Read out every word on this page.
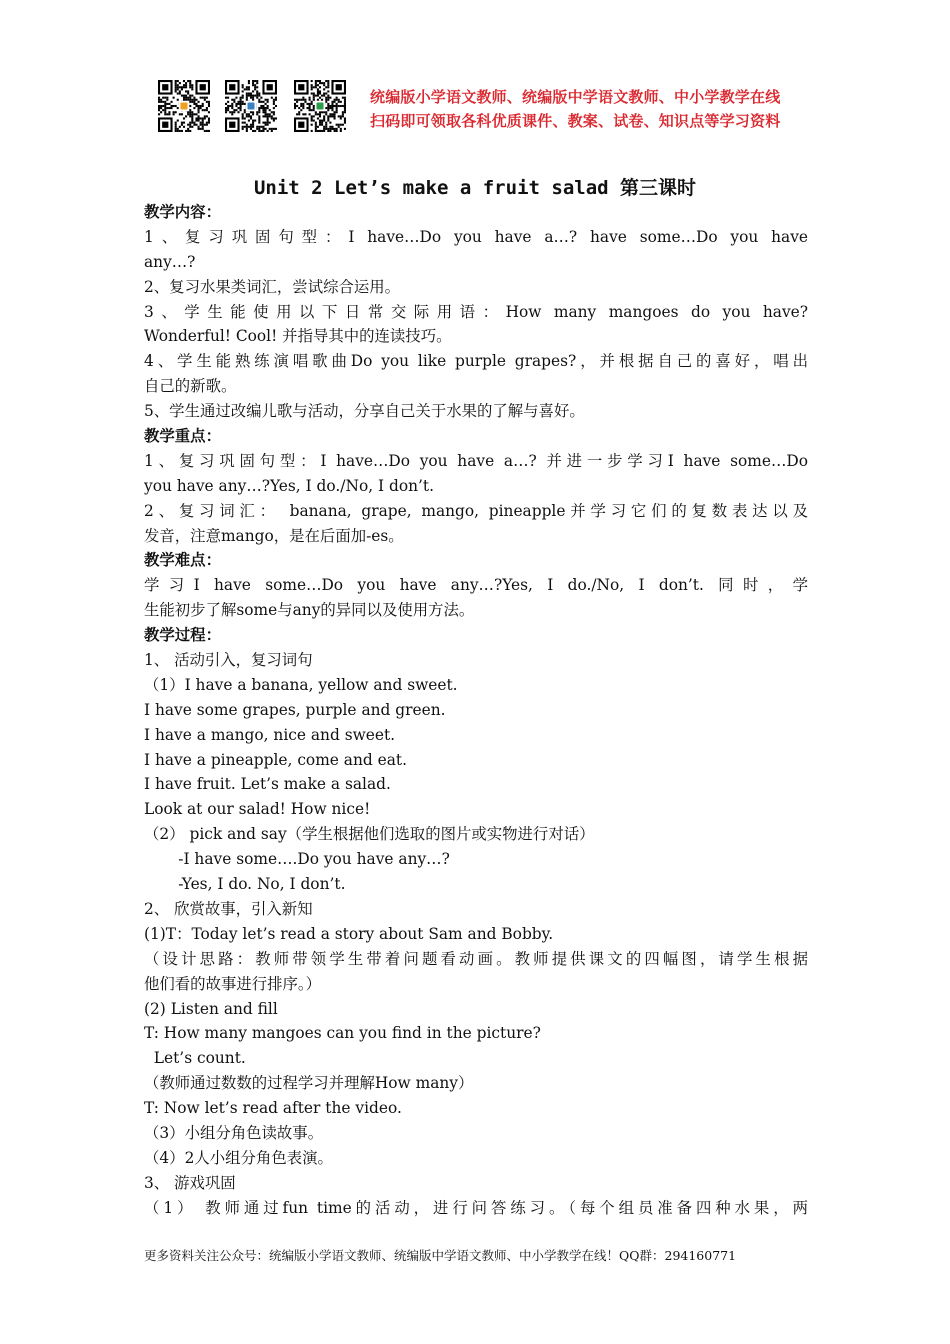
统编版小学语文教师、统编版中学语文教师、中小学教学在线
扫码即可领取各科优质课件、教案、试卷、知识点等学习资料
Unit 2 Let’s make a fruit salad 第三课时
教学内容：
1、复习巩固句型：I have…Do you have a…? have some…Do you have
any…?
2、复习水果类词汇，尝试综合运用。
3、学生能使用以下日常交际用语：How many mangoes do you have?
Wonderful! Cool! 并指导其中的连读技巧。
4、学生能熟练演唱歌曲Do you like purple grapes?，并根据自己的喜好，唱出
自己的新歌。
5、学生通过改编儿歌与活动，分享自己关于水果的了解与喜好。
教学重点：
1、复习巩固句型：I have…Do you have a…? 并进一步学习I have some…Do
you have any…?Yes, I do./No, I don’t.
2、复习词汇： banana, grape, mango, pineapple并学习它们的复数表达以及
发音，注意mango，是在后面加-es。
教学难点：
学习I have some…Do you have any…?Yes, I do./No, I don’t. 同时，学
生能初步了解some与any的异同以及使用方法。
教学过程：
1、 活动引入，复习词句
（1）I have a banana, yellow and sweet.
I have some grapes, purple and green.
I have a mango, nice and sweet.
I have a pineapple, come and eat.
I have fruit. Let’s make a salad.
Look at our salad! How nice!
（2） pick and say（学生根据他们选取的图片或实物进行对话）
-I have some….Do you have any…?
-Yes, I do. No, I don’t.
2、 欣赏故事，引入新知
(1)T：Today let’s read a story about Sam and Bobby.
（设计思路：教师带领学生带着问题看动画。教师提供课文的四幅图，请学生根据
他们看的故事进行排序。）
(2) Listen and fill
T: How many mangoes can you find in the picture?
Let’s count.
（教师通过数数的过程学习并理解How many）
T: Now let’s read after the video.
（3）小组分角色读故事。
（4）2人小组分角色表演。
3、 游戏巩固
（1） 教师通过fun time的活动，进行问答练习。（每个组员准备四种水果，两
更多资料关注公众号：统编版小学语文教师、统编版中学语文教师、中小学教学在线！QQ群：294160771
